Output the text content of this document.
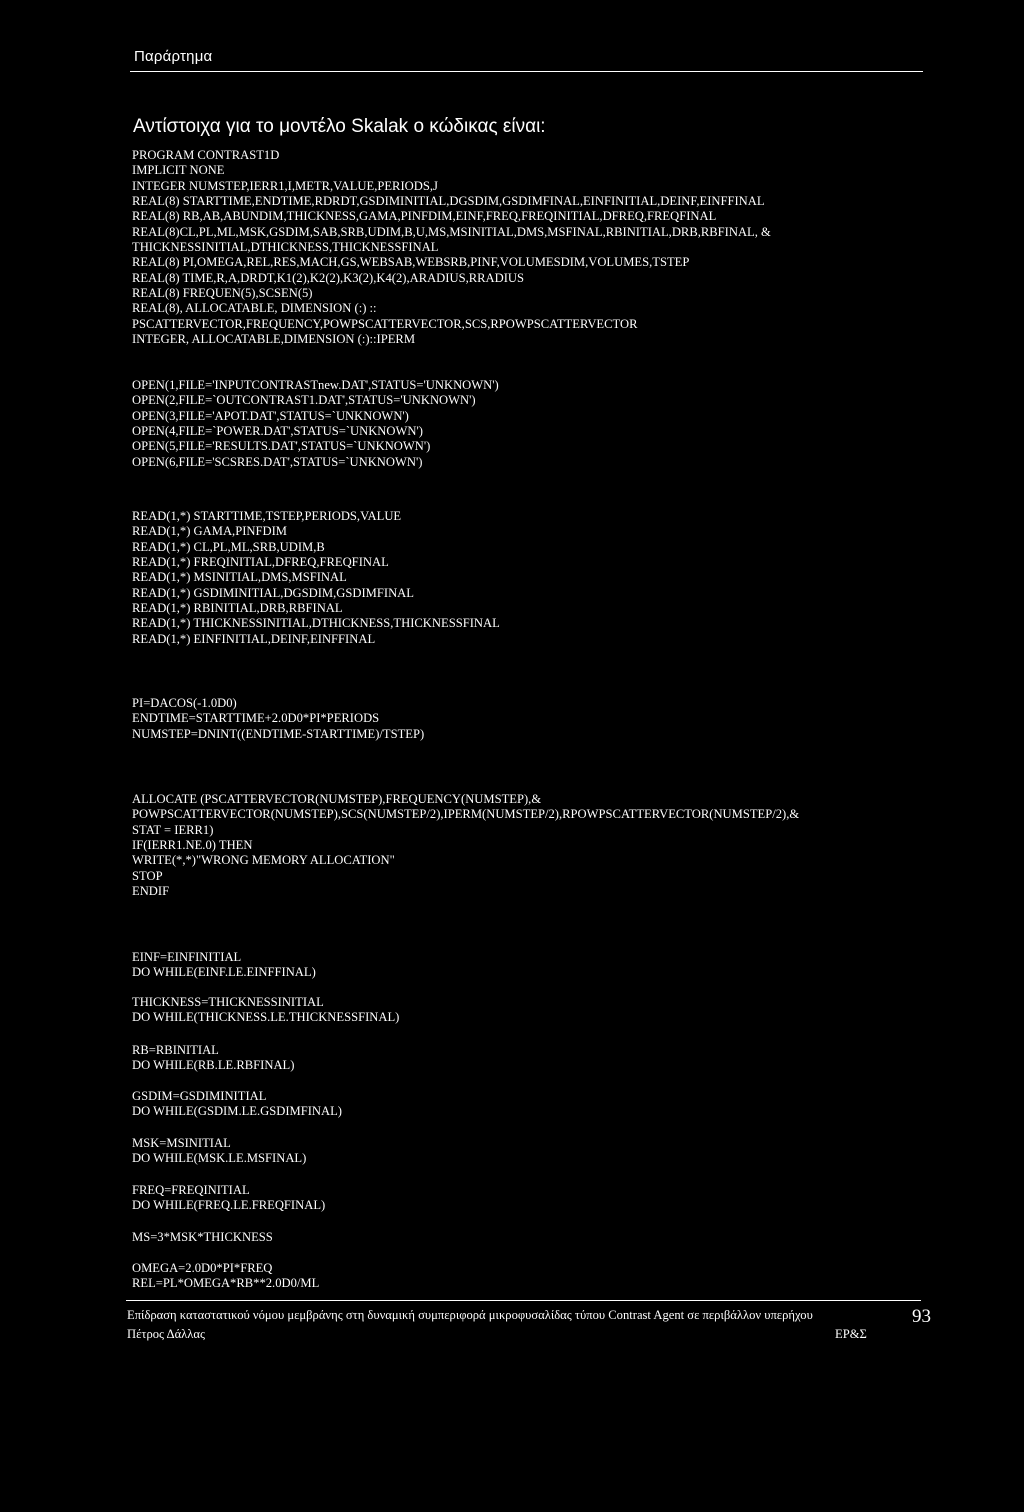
Παράρτημα
Αντίστοιχα για το μοντέλο Skalak ο κώδικας είναι:
PROGRAM CONTRAST1D
IMPLICIT NONE
INTEGER NUMSTEP,IERR1,I,METR,VALUE,PERIODS,J
REAL(8) STARTTIME,ENDTIME,RDRDT,GSDIMINITIAL,DGSDIM,GSDIMFINAL,EINFINITIAL,DEINF,EINFFINAL
REAL(8) RB,AB,ABUNDIM,THICKNESS,GAMA,PINFDIM,EINF,FREQ,FREQINITIAL,DFREQ,FREQFINAL
REAL(8)CL,PL,ML,MSK,GSDIM,SAB,SRB,UDIM,B,U,MS,MSINITIAL,DMS,MSFINAL,RBINITIAL,DRB,RBFINAL, &
THICKNESSINITIAL,DTHICKNESS,THICKNESSFINAL
REAL(8) PI,OMEGA,REL,RES,MACH,GS,WEBSAB,WEBSRB,PINF,VOLUMESDIM,VOLUMES,TSTEP
REAL(8) TIME,R,A,DRDT,K1(2),K2(2),K3(2),K4(2),ARADIUS,RRADIUS
REAL(8) FREQUEN(5),SCSEN(5)
REAL(8), ALLOCATABLE, DIMENSION (:) ::
PSCATTERVECTOR,FREQUENCY,POWPSCATTERVECTOR,SCS,RPOWPSCATTERVECTOR
INTEGER, ALLOCATABLE,DIMENSION (:)::IPERM
OPEN(1,FILE='INPUTCONTRASTnew.DAT',STATUS='UNKNOWN')
OPEN(2,FILE=`OUTCONTRAST1.DAT',STATUS='UNKNOWN')
OPEN(3,FILE='APOT.DAT',STATUS=`UNKNOWN')
OPEN(4,FILE=`POWER.DAT',STATUS=`UNKNOWN')
OPEN(5,FILE='RESULTS.DAT',STATUS=`UNKNOWN')
OPEN(6,FILE='SCSRES.DAT',STATUS=`UNKNOWN')
READ(1,*) STARTTIME,TSTEP,PERIODS,VALUE
READ(1,*) GAMA,PINFDIM
READ(1,*) CL,PL,ML,SRB,UDIM,B
READ(1,*) FREQINITIAL,DFREQ,FREQFINAL
READ(1,*) MSINITIAL,DMS,MSFINAL
READ(1,*) GSDIMINITIAL,DGSDIM,GSDIMFINAL
READ(1,*) RBINITIAL,DRB,RBFINAL
READ(1,*) THICKNESSINITIAL,DTHICKNESS,THICKNESSFINAL
READ(1,*) EINFINITIAL,DEINF,EINFFINAL
PI=DACOS(-1.0D0)
ENDTIME=STARTTIME+2.0D0*PI*PERIODS
NUMSTEP=DNINT((ENDTIME-STARTTIME)/TSTEP)
ALLOCATE (PSCATTERVECTOR(NUMSTEP),FREQUENCY(NUMSTEP),&
POWPSCATTERVECTOR(NUMSTEP),SCS(NUMSTEP/2),IPERM(NUMSTEP/2),RPOWPSCATTERVECTOR(NUMSTEP/2),&
STAT = IERR1)
IF(IERR1.NE.0) THEN
WRITE(*,*)"WRONG MEMORY ALLOCATION"
STOP
ENDIF
EINF=EINFINITIAL
DO WHILE(EINF.LE.EINFFINAL)
THICKNESS=THICKNESSINITIAL
DO WHILE(THICKNESS.LE.THICKNESSFINAL)
RB=RBINITIAL
DO WHILE(RB.LE.RBFINAL)
GSDIM=GSDIMINITIAL
DO WHILE(GSDIM.LE.GSDIMFINAL)
MSK=MSINITIAL
DO WHILE(MSK.LE.MSFINAL)
FREQ=FREQINITIAL
DO WHILE(FREQ.LE.FREQFINAL)
MS=3*MSK*THICKNESS
OMEGA=2.0D0*PI*FREQ
REL=PL*OMEGA*RB**2.0D0/ML
Επίδραση καταστατικού νόμου μεμβράνης στη δυναμική συμπεριφορά μικροφυσαλίδας τύπου Contrast Agent σε περιβάλλον υπερήχου
Πέτρος Δάλλας	ΕΡ&Σ
93
